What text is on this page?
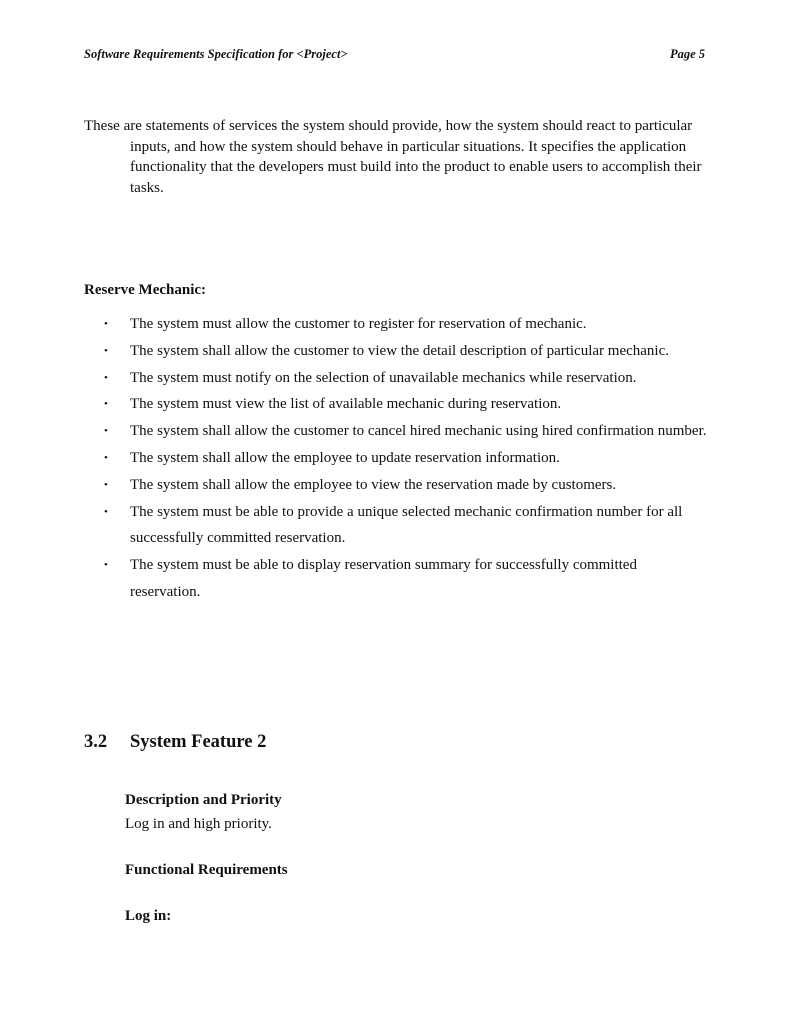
Software Requirements Specification for <Project>	Page 5

These are statements of services the system should provide, how the system should react to particular inputs, and how the system should behave in particular situations. It specifies the application functionality that the developers must build into the product to enable users to accomplish their tasks.

Reserve Mechanic:
• The system must allow the customer to register for reservation of mechanic.
• The system shall allow the customer to view the detail description of particular mechanic.
• The system must notify on the selection of unavailable mechanics while reservation.
• The system must view the list of available mechanic during reservation.
• The system shall allow the customer to cancel hired mechanic using hired confirmation number.
• The system shall allow the employee to update reservation information.
• The system shall allow the employee to view the reservation made by customers.
• The system must be able to provide a unique selected mechanic confirmation number for all successfully committed reservation.
• The system must be able to display reservation summary for successfully committed reservation.
3.2 System Feature 2
Description and Priority
Log in and high priority.
Functional Requirements
Log in:
